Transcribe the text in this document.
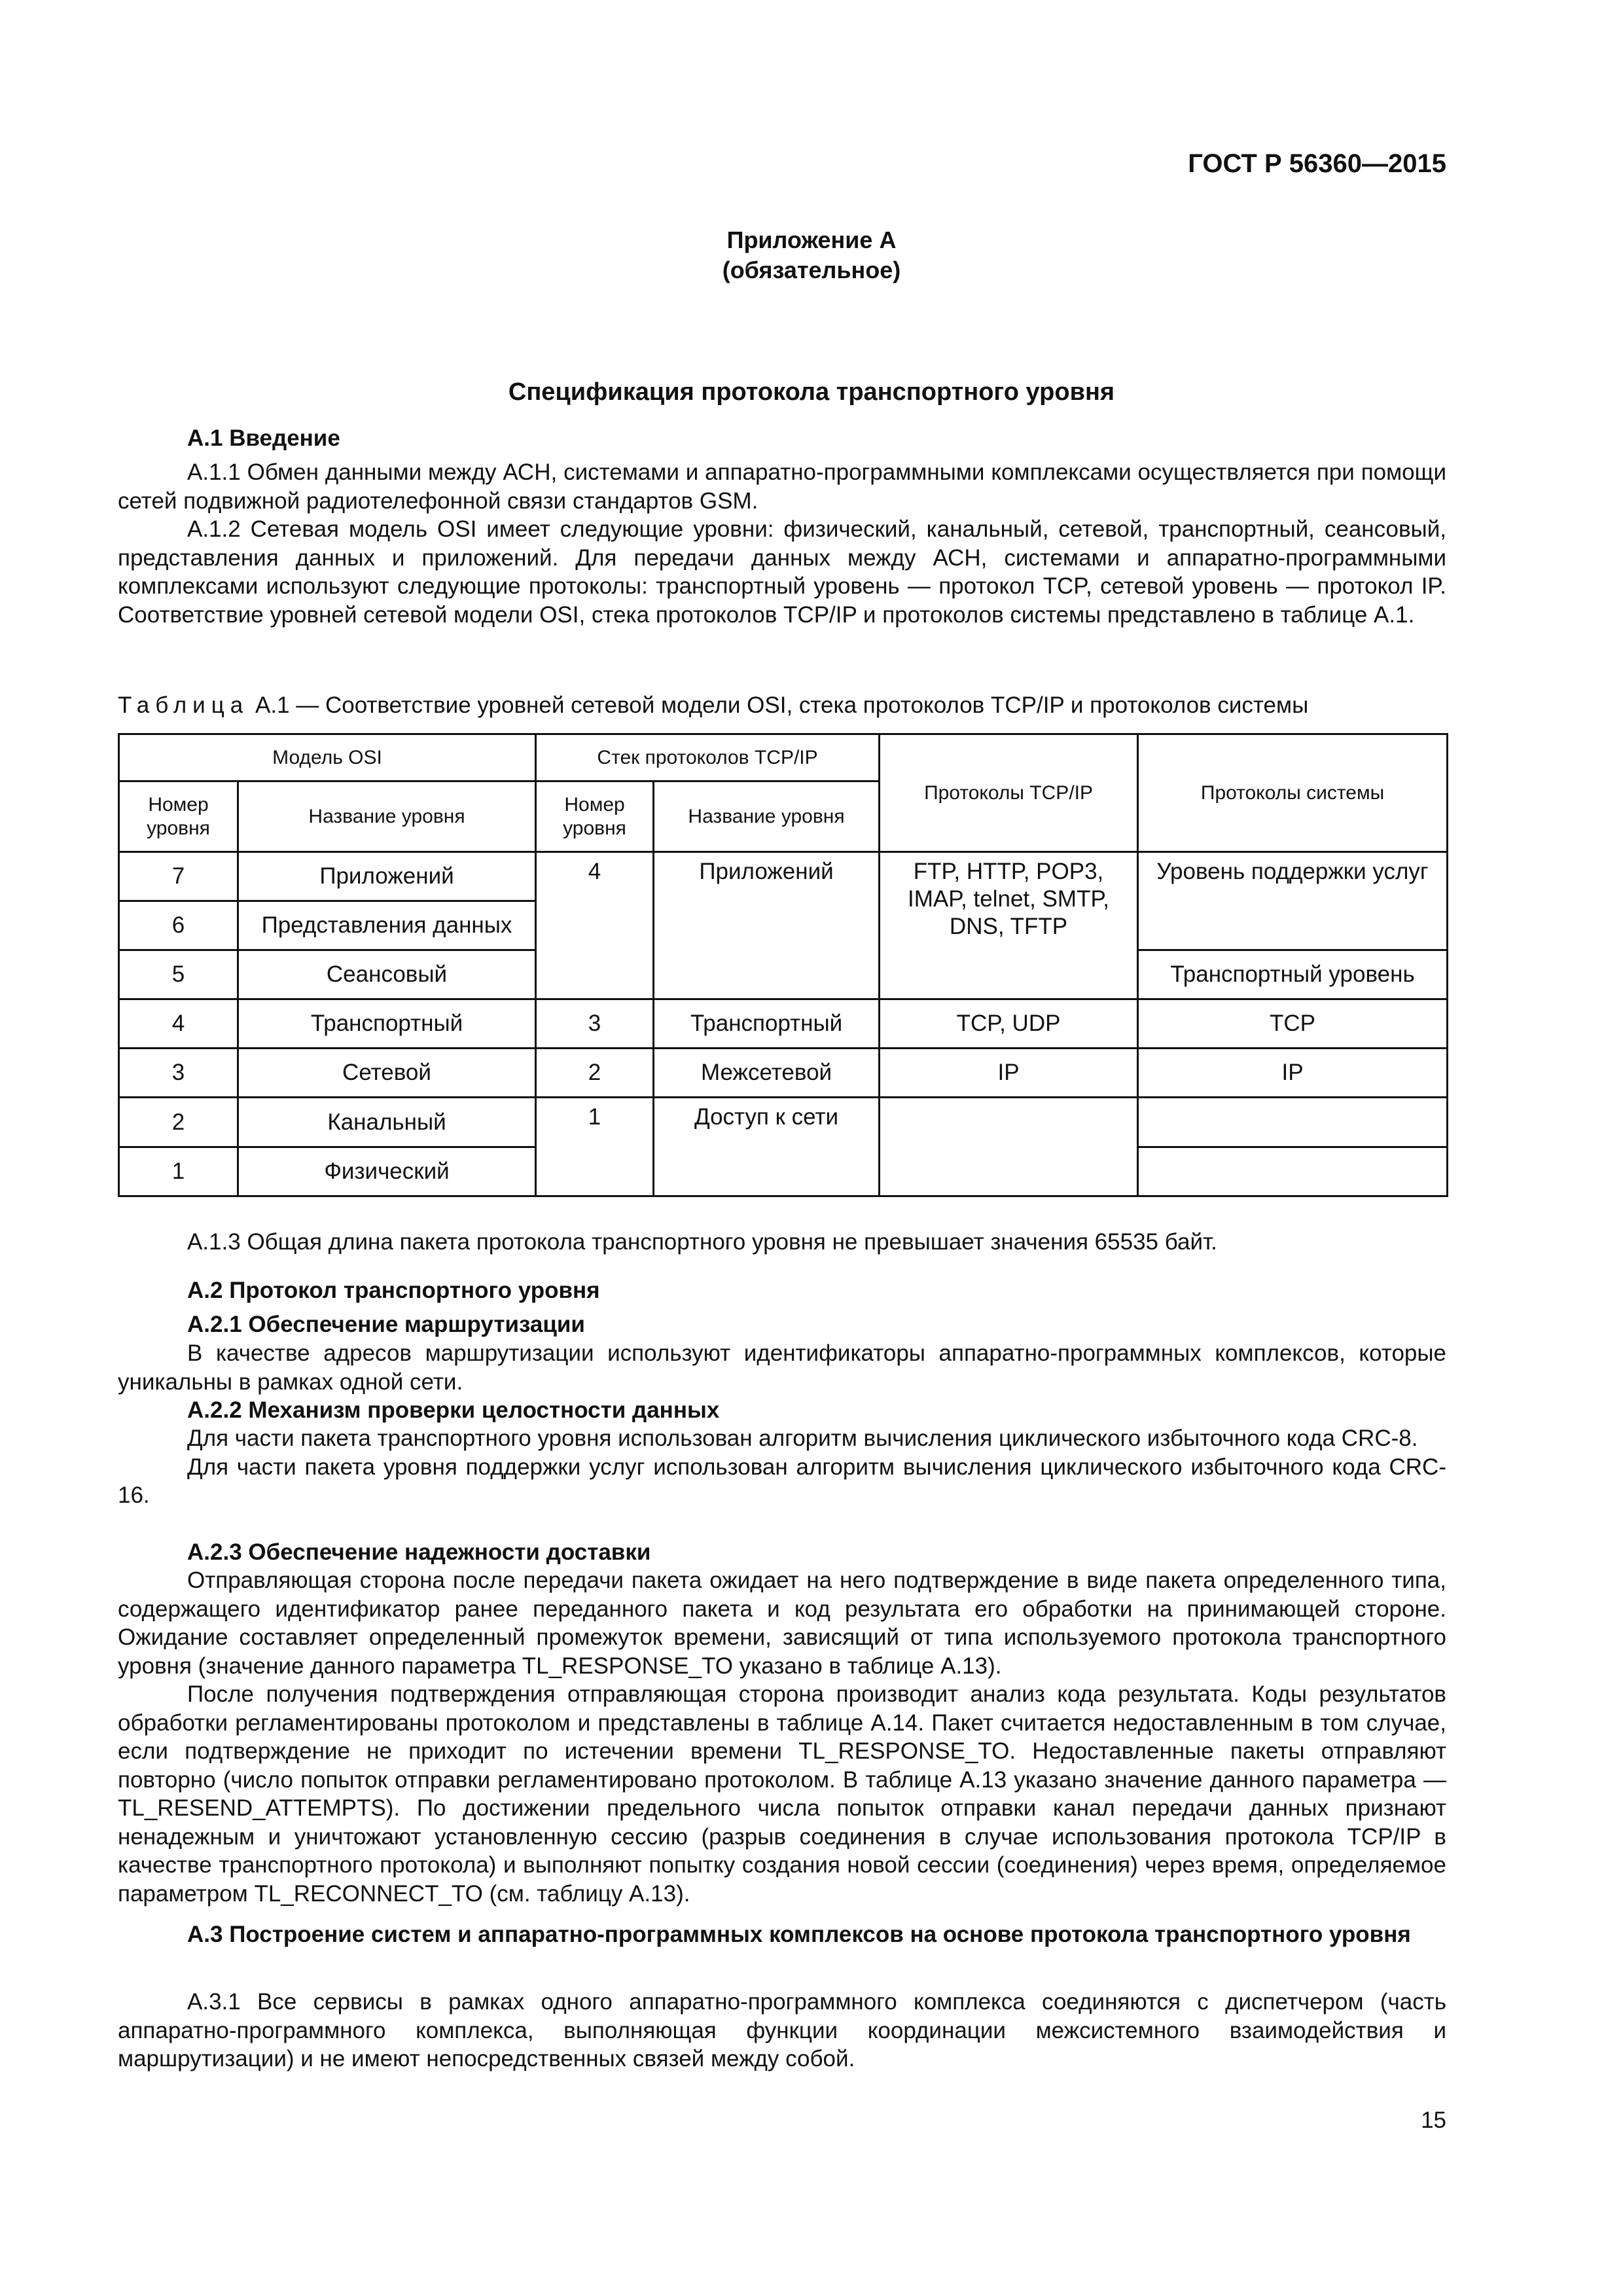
ГОСТ Р 56360—2015
Приложение А
(обязательное)
Спецификация протокола транспортного уровня
А.1 Введение

А.1.1 Обмен данными между АСН, системами и аппаратно-программными комплексами осуществляется при помощи сетей подвижной радиотелефонной связи стандартов GSM.

А.1.2 Сетевая модель OSI имеет следующие уровни: физический, канальный, сетевой, транспортный, сеансовый, представления данных и приложений. Для передачи данных между АСН, системами и аппаратно-программными комплексами используют следующие протоколы: транспортный уровень — протокол TCP, сетевой уровень — протокол IP. Соответствие уровней сетевой модели OSI, стека протоколов TCP/IP и протоколов системы представлено в таблице А.1.

Таблица А.1 — Соответствие уровней сетевой модели OSI, стека протоколов TCP/IP и протоколов системы
Модель OSI		Стек протоколов TCP/IP		Протоколы TCP/IP	Протоколы системы
Номер уровня	Название уровня	Номер уровня	Название уровня		
7	Приложений	4	Приложений	FTP, HTTP, POP3, IMAP, telnet, SMTP, DNS, TFTP	Уровень поддержки услуг
6	Представления данных				
5	Сеансовый				Транспортный уровень
4	Транспортный	3	Транспортный	TCP, UDP	TCP
3	Сетевой	2	Межсетевой	IP	IP
2	Канальный	1	Доступ к сети		
1	Физический				

А.1.3 Общая длина пакета протокола транспортного уровня не превышает значения 65535 байт.

А.2 Протокол транспортного уровня
А.2.1 Обеспечение маршрутизации

В качестве адресов маршрутизации используют идентификаторы аппаратно-программных комплексов, которые уникальны в рамках одной сети.

А.2.2 Механизм проверки целостности данных

Для части пакета транспортного уровня использован алгоритм вычисления циклического избыточного кода CRC-8.

Для части пакета уровня поддержки услуг использован алгоритм вычисления циклического избыточного кода CRC-16.

А.2.3 Обеспечение надежности доставки

Отправляющая сторона после передачи пакета ожидает на него подтверждение в виде пакета определенного типа, содержащего идентификатор ранее переданного пакета и код результата его обработки на принимающей стороне. Ожидание составляет определенный промежуток времени, зависящий от типа используемого протокола транспортного уровня (значение данного параметра TL_RESPONSE_TO указано в таблице А.13).

После получения подтверждения отправляющая сторона производит анализ кода результата. Коды результатов обработки регламентированы протоколом и представлены в таблице А.14. Пакет считается недоставленным в том случае, если подтверждение не приходит по истечении времени TL_RESPONSE_TO. Недоставленные пакеты отправляют повторно (число попыток отправки регламентировано протоколом. В таблице А.13 указано значение данного параметра — TL_RESEND_ATTEMPTS). По достижении предельного числа попыток отправки канал передачи данных признают ненадежным и уничтожают установленную сессию (разрыв соединения в случае использования протокола TCP/IP в качестве транспортного протокола) и выполняют попытку создания новой сессии (соединения) через время, определяемое параметром TL_RECONNECT_TO (см. таблицу А.13).

А.3 Построение систем и аппаратно-программных комплексов на основе протокола транспортного уровня

А.3.1 Все сервисы в рамках одного аппаратно-программного комплекса соединяются с диспетчером (часть аппаратно-программного комплекса, выполняющая функции координации межсистемного взаимодействия и маршрутизации) и не имеют непосредственных связей между собой.

15
